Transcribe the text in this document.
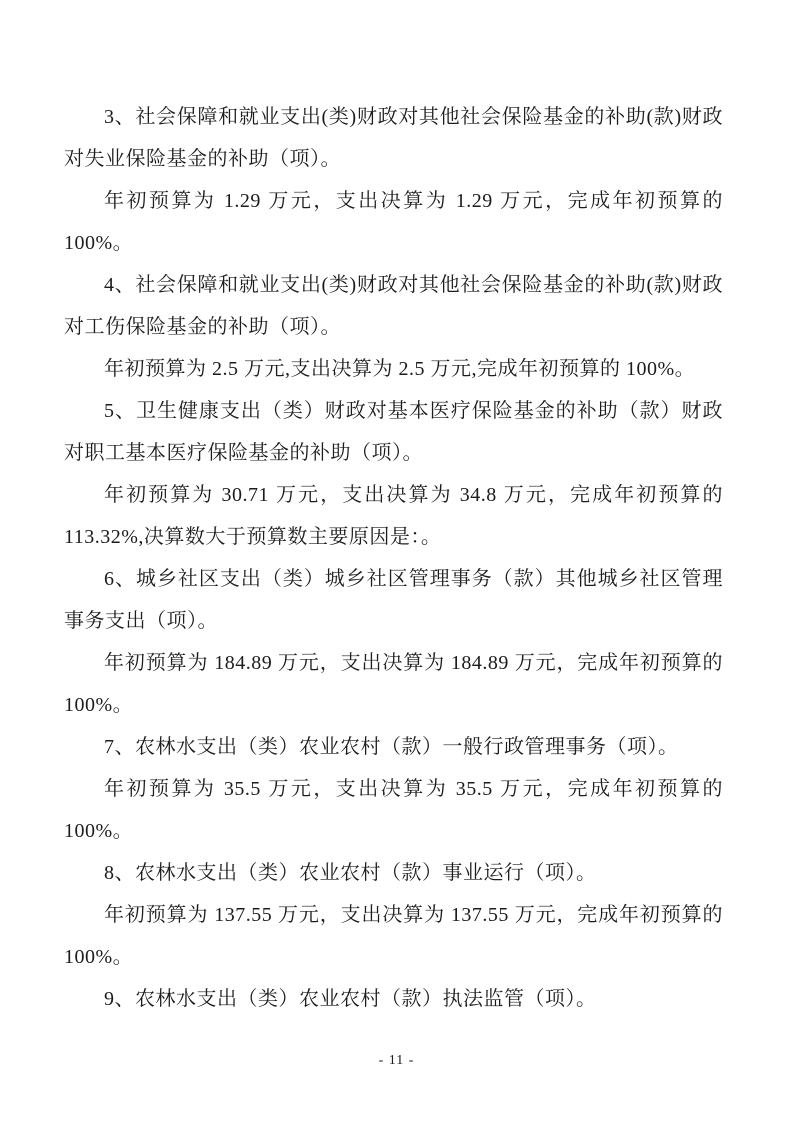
3、社会保障和就业支出(类)财政对其他社会保险基金的补助(款)财政对失业保险基金的补助（项）。

年初预算为 1.29 万元，支出决算为 1.29 万元，完成年初预算的 100%。

4、社会保障和就业支出(类)财政对其他社会保险基金的补助(款)财政对工伤保险基金的补助（项）。

年初预算为 2.5 万元,支出决算为 2.5 万元,完成年初预算的 100%。

5、卫生健康支出（类）财政对基本医疗保险基金的补助（款）财政对职工基本医疗保险基金的补助（项）。

年初预算为 30.71 万元，支出决算为 34.8 万元，完成年初预算的 113.32%,决算数大于预算数主要原因是：。

6、城乡社区支出（类）城乡社区管理事务（款）其他城乡社区管理事务支出（项）。

年初预算为 184.89 万元，支出决算为 184.89 万元，完成年初预算的 100%。

7、农林水支出（类）农业农村（款）一般行政管理事务（项）。

年初预算为 35.5 万元，支出决算为 35.5 万元，完成年初预算的 100%。

8、农林水支出（类）农业农村（款）事业运行（项）。

年初预算为 137.55 万元，支出决算为 137.55 万元，完成年初预算的 100%。

9、农林水支出（类）农业农村（款）执法监管（项）。

- 11 -
